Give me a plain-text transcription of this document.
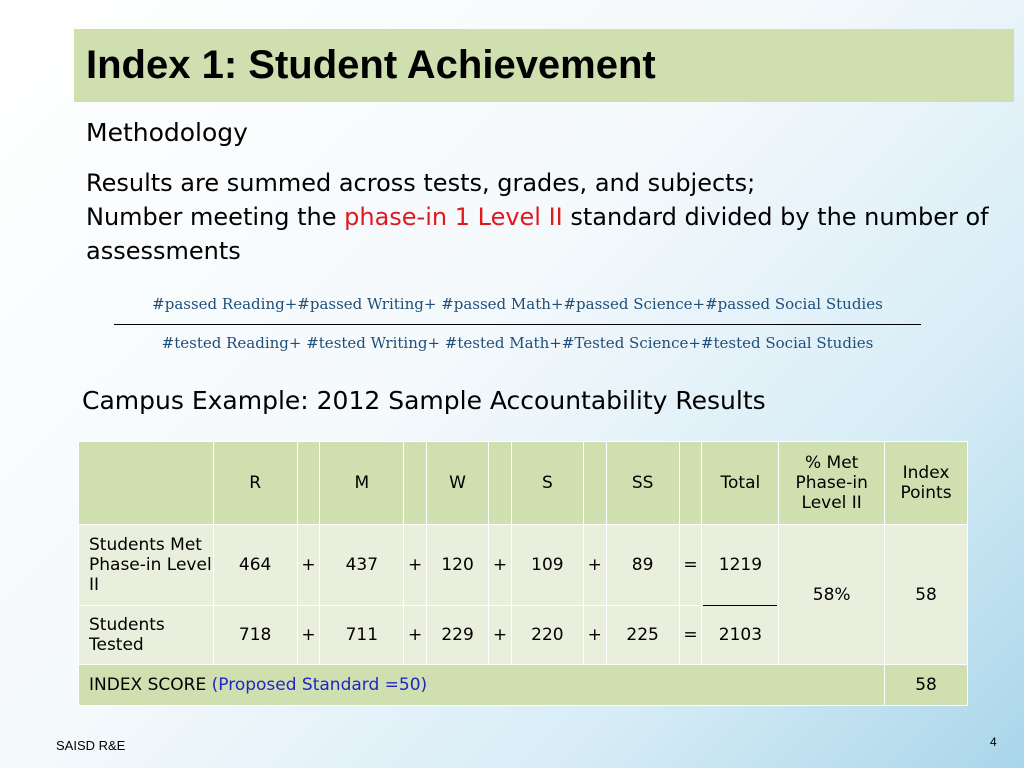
Index 1: Student Achievement
Methodology

Results are summed across tests, grades, and subjects;
Number meeting the phase-in 1 Level II standard divided by the number of assessments

#passed Reading+#passed Writing+ #passed Math+#passed Science+#passed Social Studies
#tested Reading+ #tested Writing+ #tested Math+#Tested Science+#tested Social Studies
Campus Example: 2012 Sample Accountability Results
	R		M		W		S		SS		Total	% Met Phase-in Level II	Index Points
Students Met Phase-in Level II	464	+	437	+	120	+	109	+	89	=	1219	58%	58
Students Tested	718	+	711	+	229	+	220	+	225	=	2103		
INDEX SCORE (Proposed Standard =50)													58
SAISD R&E	4
